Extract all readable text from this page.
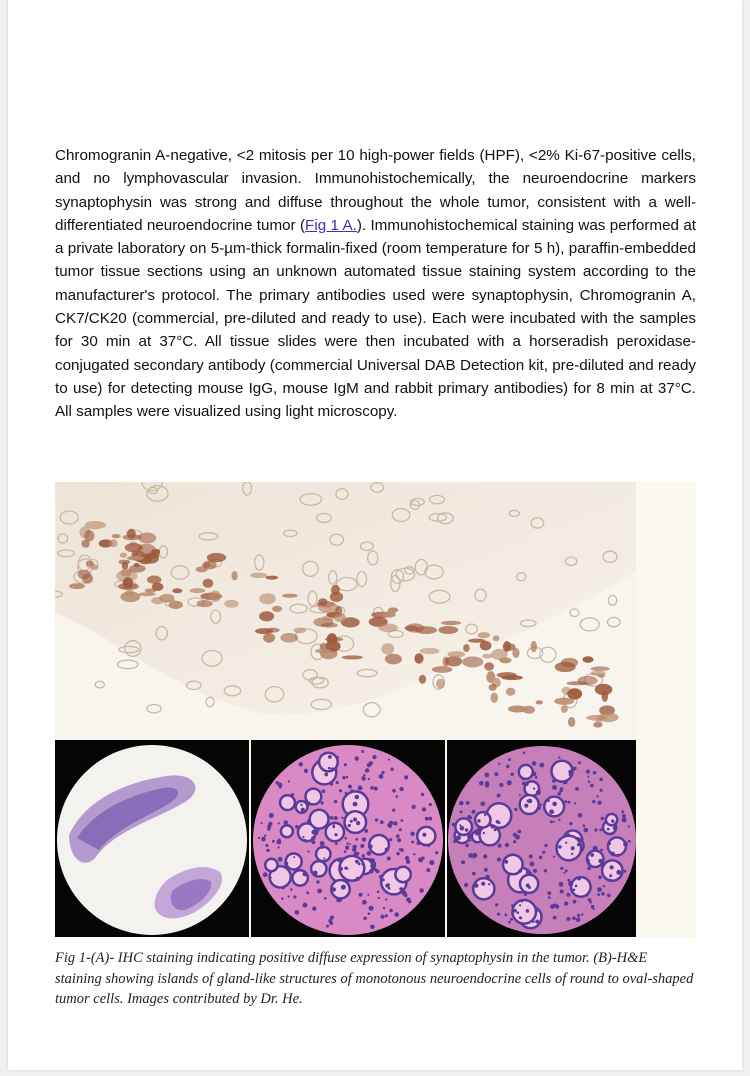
Chromogranin A-negative, <2 mitosis per 10 high-power fields (HPF), <2% Ki-67-positive cells, and no lymphovascular invasion. Immunohistochemically, the neuroendocrine markers synaptophysin was strong and diffuse throughout the whole tumor, consistent with a well-differentiated neuroendocrine tumor (Fig 1 A.). Immunohistochemical staining was performed at a private laboratory on 5-µm-thick formalin-fixed (room temperature for 5 h), paraffin-embedded tumor tissue sections using an unknown automated tissue staining system according to the manufacturer's protocol. The primary antibodies used were synaptophysin, Chromogranin A, CK7/CK20 (commercial, pre-diluted and ready to use). Each were incubated with the samples for 30 min at 37°C. All tissue slides were then incubated with a horseradish peroxidase-conjugated secondary antibody (commercial Universal DAB Detection kit, pre-diluted and ready to use) for detecting mouse IgG, mouse IgM and rabbit primary antibodies) for 8 min at 37°C. All samples were visualized using light microscopy.

Fig 1-(A)- IHC staining indicating positive diffuse expression of synaptophysin in the tumor. (B)-H&E staining showing islands of gland-like structures of monotonous neuroendocrine cells of round to oval-shaped tumor cells. Images contributed by Dr. He.
